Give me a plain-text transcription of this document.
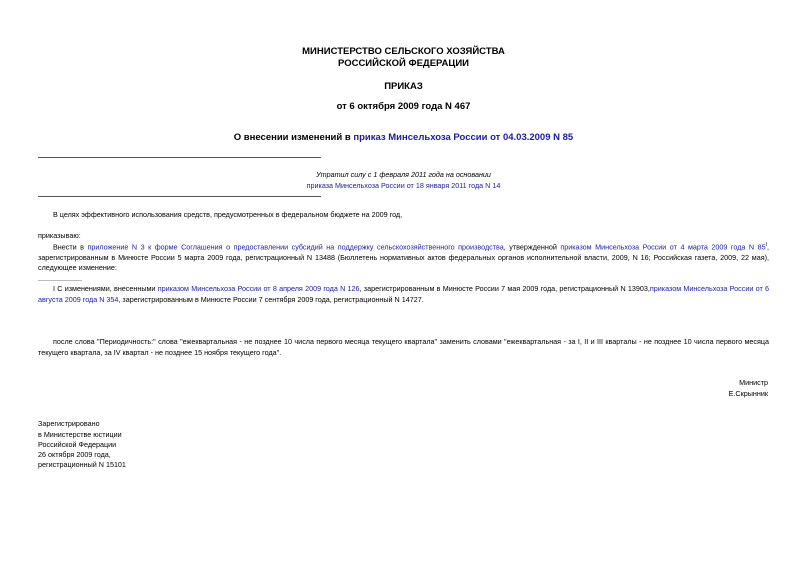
МИНИСТЕРСТВО СЕЛЬСКОГО ХОЗЯЙСТВА
РОССИЙСКОЙ ФЕДЕРАЦИИ
ПРИКАЗ
от 6 октября 2009 года N 467
О внесении изменений в приказ Минсельхоза России от 04.03.2009 N 85
Утратил силу с 1 февраля 2011 года на основании
приказа Минсельхоза России от 18 января 2011 года N 14
В целях эффективного использования средств, предусмотренных в федеральном бюджете на 2009 год,
приказываю:
Внести в приложение N 3 к форме Соглашения о предоставлении субсидий на поддержку сельскохозяйственного производства, утвержденной приказом Минсельхоза России от 4 марта 2009 года N $85^I$, зарегистрированным в Минюсте России 5 марта 2009 года, регистрационный N 13488 (Бюллетень нормативных актов федеральных органов исполнительной власти, 2009, N 16; Российская газета, 2009, 22 мая), следующее изменение:
I С изменениями, внесенными приказом Минсельхоза России от 8 апреля 2009 года N 126, зарегистрированным в Минюсте России 7 мая 2009 года, регистрационный N 13903,приказом Минсельхоза России от 6 августа 2009 года N 354, зарегистрированным в Минюсте России 7 сентября 2009 года, регистрационный N 14727.
после слова "Периодичность:" слова "ежеквартальная - не позднее 10 числа первого месяца текущего квартала" заменить словами "ежеквартальная - за I, II и III кварталы - не позднее 10 числа первого месяца текущего квартала, за IV квартал - не позднее 15 ноября текущего года".
Министр
Е.Скрынник
Зарегистрировано
в Министерстве юстиции
Российской Федерации
26 октября 2009 года,
регистрационный N 15101
